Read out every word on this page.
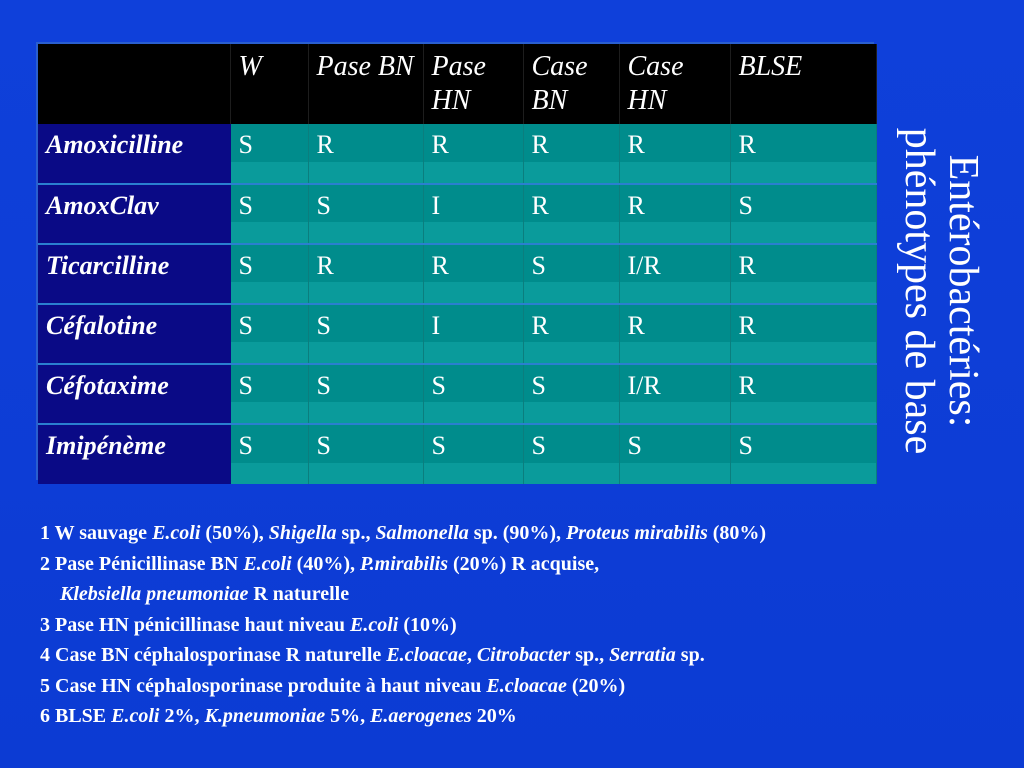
	W	Pase BN	Pase HN	Case BN	Case HN	BLSE
Amoxicilline	S	R	R	R	R	R
AmoxClav	S	S	I	R	R	S
Ticarcilline	S	R	R	S	I/R	R
Céfalotine	S	S	I	R	R	R
Céfotaxime	S	S	S	S	I/R	R
Imipénème	S	S	S	S	S	S
Entérobactéries:
phénotypes de base
1 W sauvage E.coli (50%), Shigella sp., Salmonella sp. (90%), Proteus mirabilis (80%)
2 Pase Pénicillinase BN E.coli (40%), P.mirabilis (20%) R acquise,
Klebsiella pneumoniae R naturelle
3 Pase HN pénicillinase haut niveau E.coli (10%)
4 Case BN céphalosporinase R naturelle E.cloacae, Citrobacter sp., Serratia sp.
5 Case HN céphalosporinase produite à haut niveau E.cloacae (20%)
6 BLSE E.coli 2%, K.pneumoniae 5%, E.aerogenes 20%
